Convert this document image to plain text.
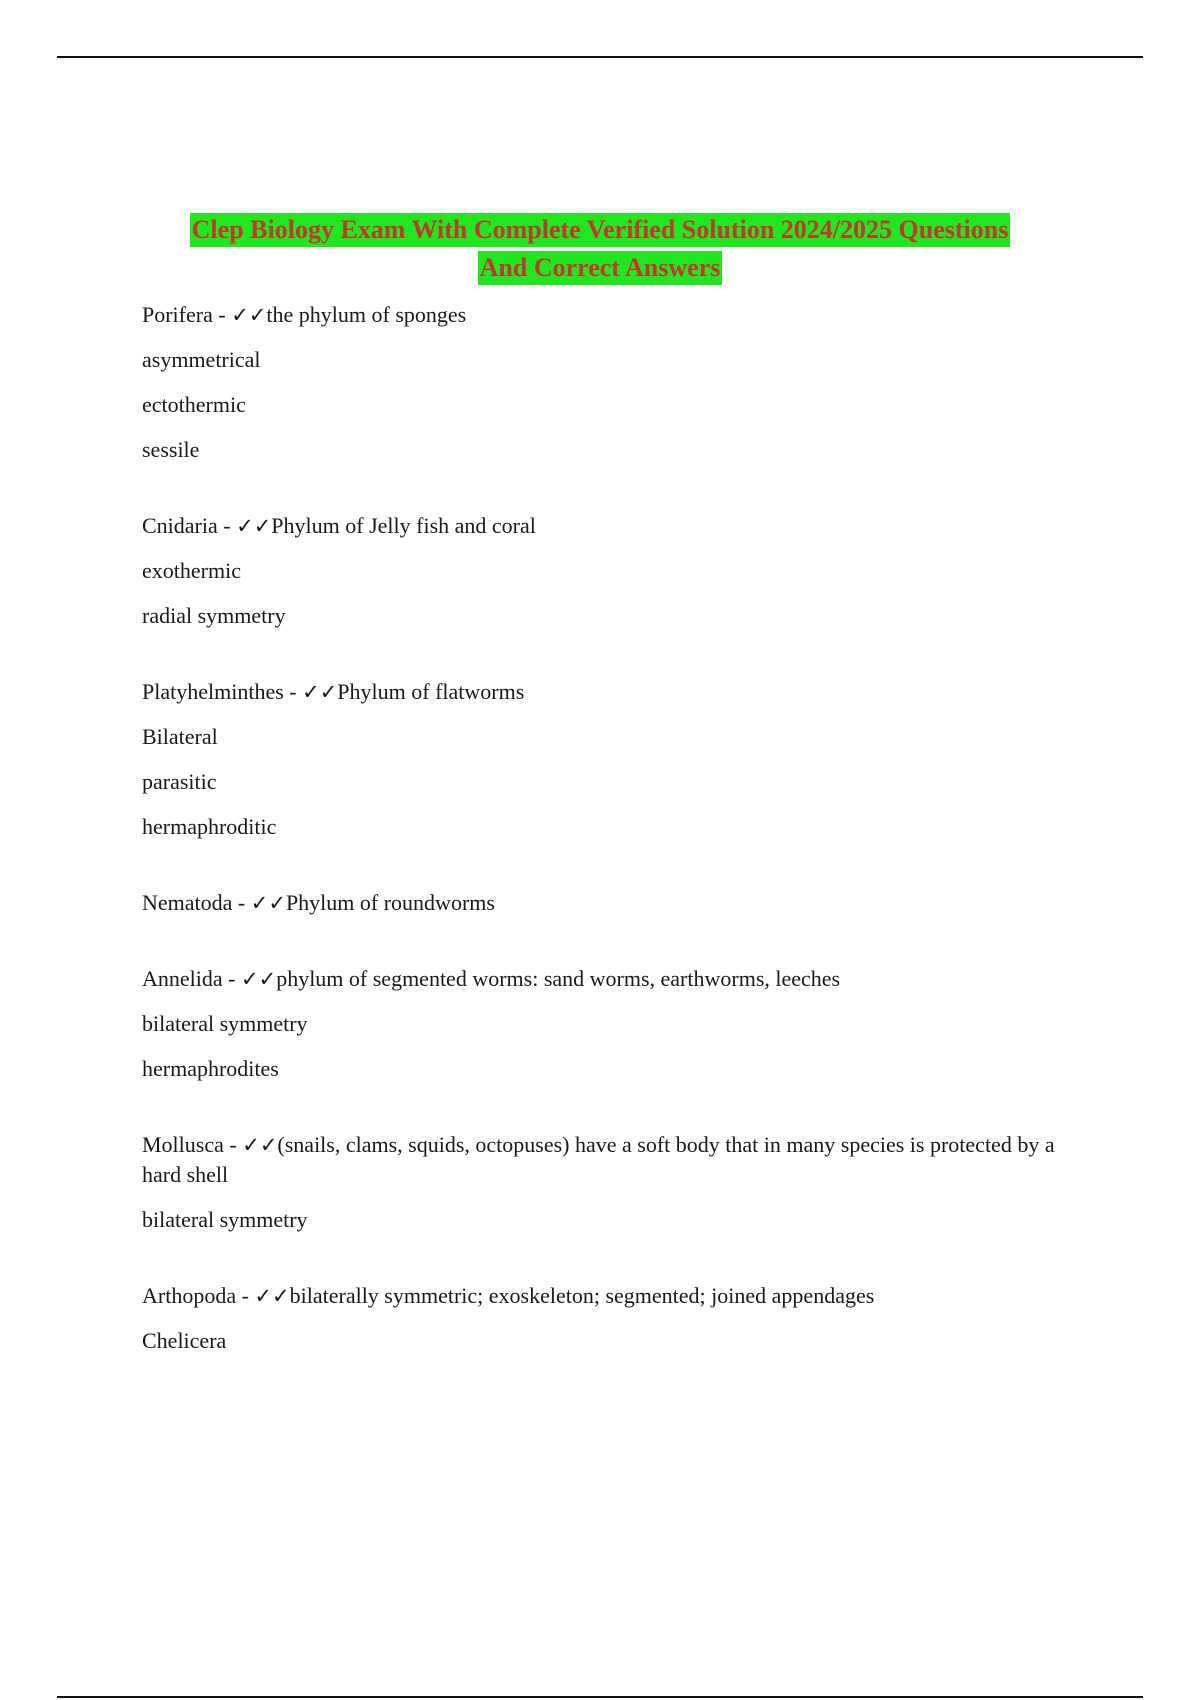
Clep Biology Exam With Complete Verified Solution 2024/2025 Questions
And Correct Answers
Porifera - ✓✓the phylum of sponges
asymmetrical
ectothermic
sessile
Cnidaria - ✓✓Phylum of Jelly fish and coral
exothermic
radial symmetry
Platyhelminthes - ✓✓Phylum of flatworms
Bilateral
parasitic
hermaphroditic
Nematoda - ✓✓Phylum of roundworms
Annelida - ✓✓phylum of segmented worms: sand worms, earthworms, leeches
bilateral symmetry
hermaphrodites
Mollusca - ✓✓(snails, clams, squids, octopuses) have a soft body that in many species is protected by a hard shell
bilateral symmetry
Arthopoda - ✓✓bilaterally symmetric; exoskeleton; segmented; joined appendages
Chelicera
